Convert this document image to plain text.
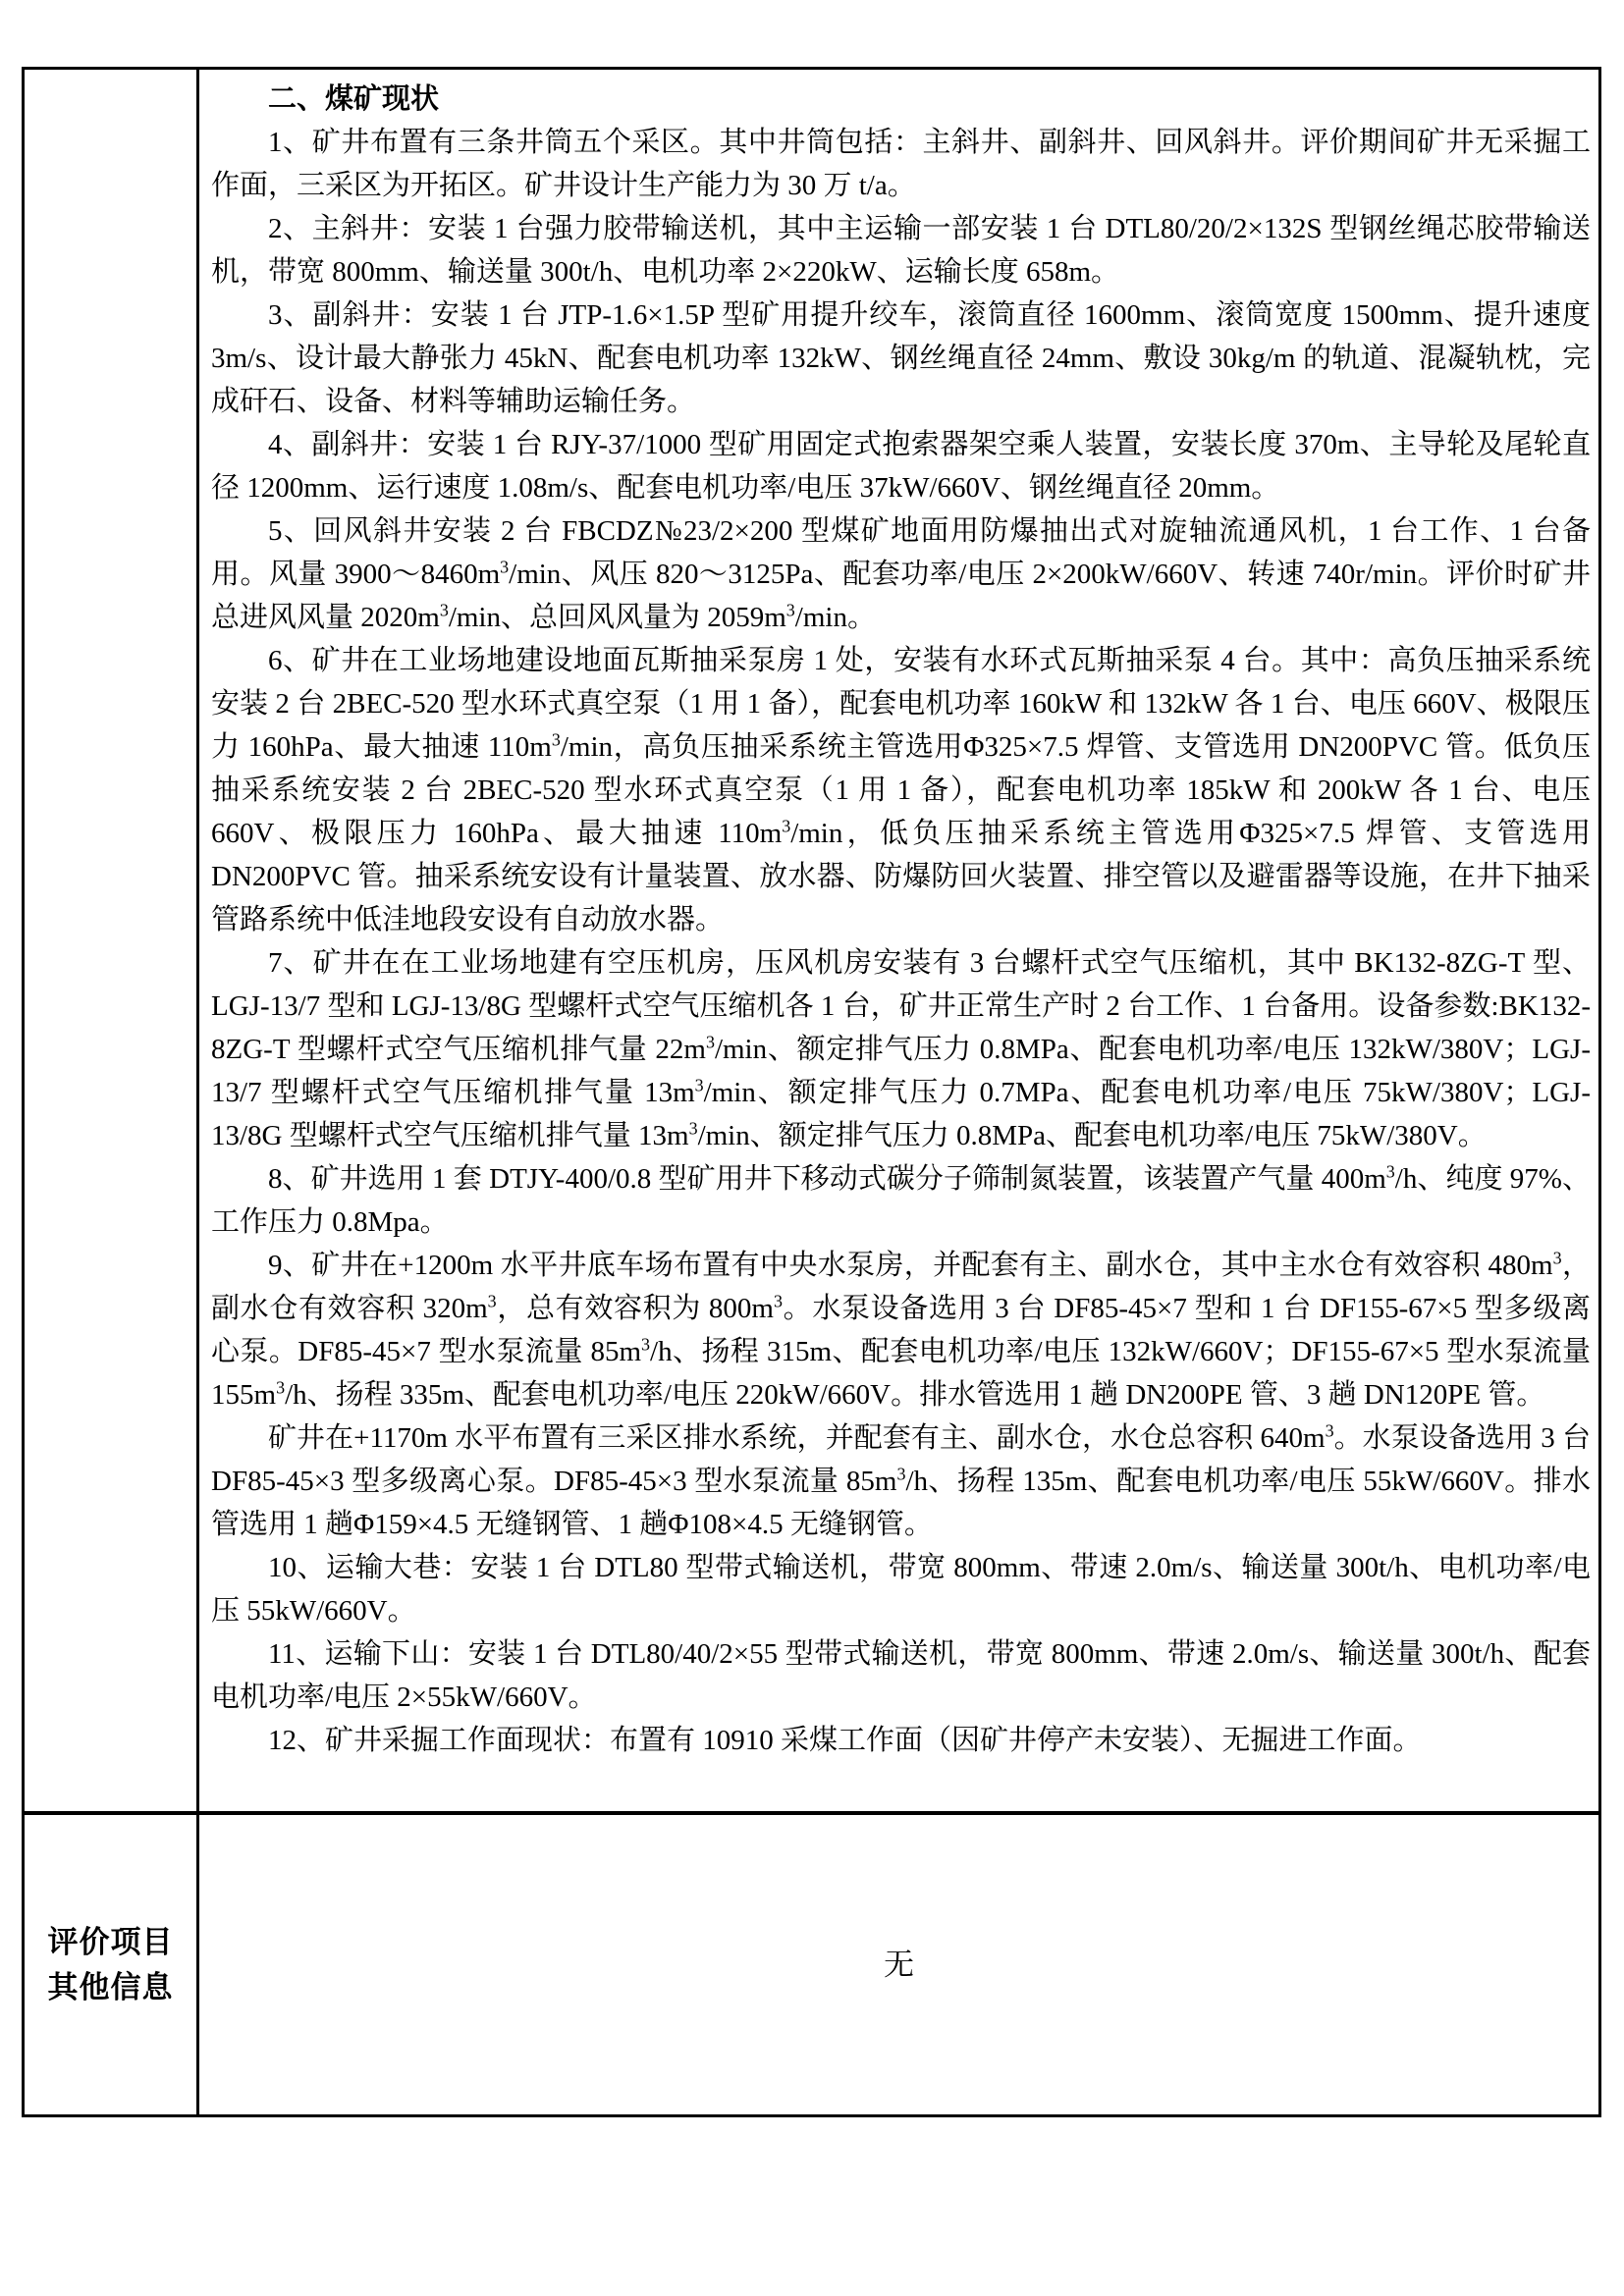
二、煤矿现状

1、矿井布置有三条井筒五个采区。其中井筒包括：主斜井、副斜井、回风斜井。评价期间矿井无采掘工作面，三采区为开拓区。矿井设计生产能力为 30 万 t/a。

2、主斜井：安装 1 台强力胶带输送机，其中主运输一部安装 1 台 DTL80/20/2×132S 型钢丝绳芯胶带输送机，带宽 800mm、输送量 300t/h、电机功率 2×220kW、运输长度 658m。

3、副斜井：安装 1 台 JTP-1.6×1.5P 型矿用提升绞车，滚筒直径 1600mm、滚筒宽度 1500mm、提升速度 3m/s、设计最大静张力 45kN、配套电机功率 132kW、钢丝绳直径 24mm、敷设 30kg/m 的轨道、混凝轨枕，完成矸石、设备、材料等辅助运输任务。

4、副斜井：安装 1 台 RJY-37/1000 型矿用固定式抱索器架空乘人装置，安装长度 370m、主导轮及尾轮直径 1200mm、运行速度 1.08m/s、配套电机功率/电压 37kW/660V、钢丝绳直径 20mm。

5、回风斜井安装 2 台 FBCDZ№23/2×200 型煤矿地面用防爆抽出式对旋轴流通风机，1 台工作、1 台备用。风量 $3900\sim 8460m^3/\min$、风压 820～3125Pa、配套功率/电压 2×200kW/660V、转速 740r/min。评价时矿井总进风风量 $2020m^3/\min$、总回风风量为 $2059m^3/\min$。

6、矿井在工业场地建设地面瓦斯抽采泵房 1 处，安装有水环式瓦斯抽采泵 4 台。其中：高负压抽采系统安装 2 台 2BEC-520 型水环式真空泵（1 用 1 备），配套电机功率 160kW 和 132kW 各 1 台、电压 660V、极限压力 160hPa、最大抽速 $110m^3/\min$，高负压抽采系统主管选用Φ325×7.5 焊管、支管选用 DN200PVC 管。低负压抽采系统安装 2 台 2BEC-520 型水环式真空泵（1 用 1 备），配套电机功率 185kW 和 200kW 各 1 台、电压 660V、极限压力 160hPa、最大抽速 $110m^3/\min$，低负压抽采系统主管选用Φ325×7.5 焊管、支管选用 DN200PVC 管。抽采系统安设有计量装置、放水器、防爆防回火装置、排空管以及避雷器等设施，在井下抽采管路系统中低洼地段安设有自动放水器。

7、矿井在在工业场地建有空压机房，压风机房安装有 3 台螺杆式空气压缩机，其中 BK132-8ZG-T 型、LGJ-13/7 型和 LGJ-13/8G 型螺杆式空气压缩机各 1 台，矿井正常生产时 2 台工作、1 台备用。设备参数:BK132-8ZG-T 型螺杆式空气压缩机排气量 $22m^3/\min$、额定排气压力 0.8MPa、配套电机功率/电压 132kW/380V；LGJ-13/7 型螺杆式空气压缩机排气量 $13m^3/\min$、额定排气压力 0.7MPa、配套电机功率/电压 75kW/380V；LGJ-13/8G 型螺杆式空气压缩机排气量 $13m^3/\min$、额定排气压力 0.8MPa、配套电机功率/电压 75kW/380V。

8、矿井选用 1 套 DTJY-400/0.8 型矿用井下移动式碳分子筛制氮装置，该装置产气量 $400m^3/h$、纯度 97%、工作压力 0.8Mpa。

9、矿井在+1200m 水平井底车场布置有中央水泵房，并配套有主、副水仓，其中主水仓有效容积 $480m^3$，副水仓有效容积 $320m^3$，总有效容积为 $800m^3$。水泵设备选用 3 台 DF85-45×7 型和 1 台 DF155-67×5 型多级离心泵。DF85-45×7 型水泵流量 $85m^3/h$、扬程 315m、配套电机功率/电压 132kW/660V；DF155-67×5 型水泵流量 $155m^3/h$、扬程 335m、配套电机功率/电压 220kW/660V。排水管选用 1 趟 DN200PE 管、3 趟 DN120PE 管。

矿井在+1170m 水平布置有三采区排水系统，并配套有主、副水仓，水仓总容积 $640m^3$。水泵设备选用 3 台 DF85-45×3 型多级离心泵。DF85-45×3 型水泵流量 $85m^3/h$、扬程 135m、配套电机功率/电压 55kW/660V。排水管选用 1 趟Φ159×4.5 无缝钢管、1 趟Φ108×4.5 无缝钢管。

10、运输大巷：安装 1 台 DTL80 型带式输送机，带宽 800mm、带速 2.0m/s、输送量 300t/h、电机功率/电压 55kW/660V。

11、运输下山：安装 1 台 DTL80/40/2×55 型带式输送机，带宽 800mm、带速 2.0m/s、输送量 300t/h、配套电机功率/电压 2×55kW/660V。

12、矿井采掘工作面现状：布置有 10910 采煤工作面（因矿井停产未安装）、无掘进工作面。

评价项目
其他信息
无
